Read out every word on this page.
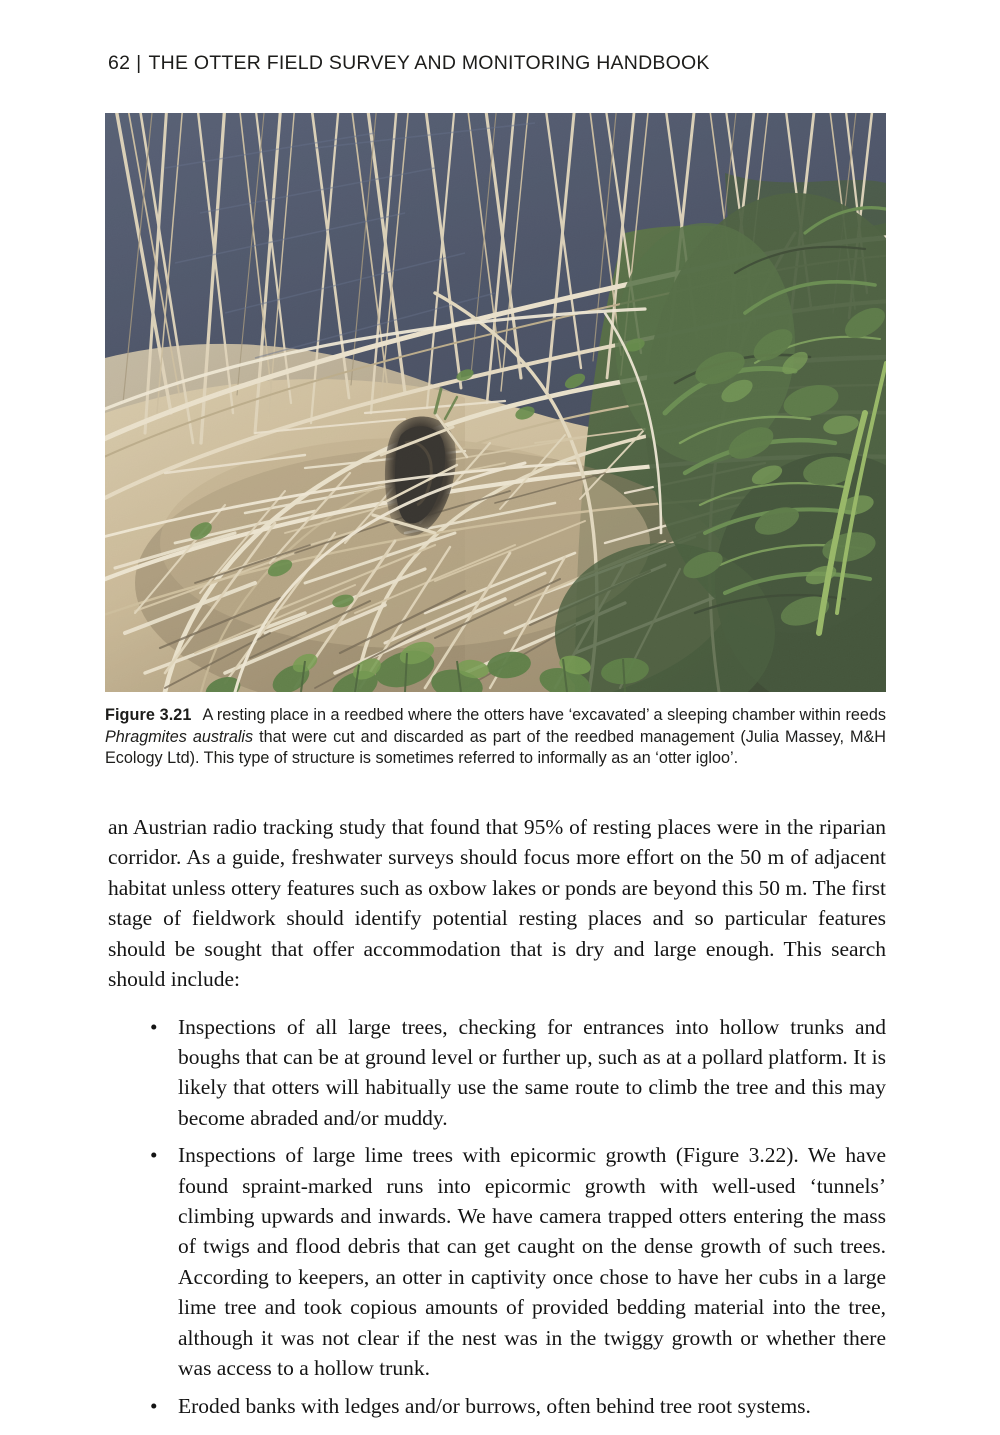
62 | THE OTTER FIELD SURVEY AND MONITORING HANDBOOK
Figure 3.21 A resting place in a reedbed where the otters have ‘excavated’ a sleeping chamber within reeds Phragmites australis that were cut and discarded as part of the reedbed management (Julia Massey, M&H Ecology Ltd). This type of structure is sometimes referred to informally as an ‘otter igloo’.

an Austrian radio tracking study that found that 95% of resting places were in the riparian corridor. As a guide, freshwater surveys should focus more effort on the 50 m of adjacent habitat unless ottery features such as oxbow lakes or ponds are beyond this 50 m. The first stage of fieldwork should identify potential resting places and so particular features should be sought that offer accommodation that is dry and large enough. This search should include:

• Inspections of all large trees, checking for entrances into hollow trunks and boughs that can be at ground level or further up, such as at a pollard platform. It is likely that otters will habitually use the same route to climb the tree and this may become abraded and/or muddy.
• Inspections of large lime trees with epicormic growth (Figure 3.22). We have found spraint-marked runs into epicormic growth with well-used ‘tunnels’ climbing upwards and inwards. We have camera trapped otters entering the mass of twigs and flood debris that can get caught on the dense growth of such trees. According to keepers, an otter in captivity once chose to have her cubs in a large lime tree and took copious amounts of provided bedding material into the tree, although it was not clear if the nest was in the twiggy growth or whether there was access to a hollow trunk.
• Eroded banks with ledges and/or burrows, often behind tree root systems.
